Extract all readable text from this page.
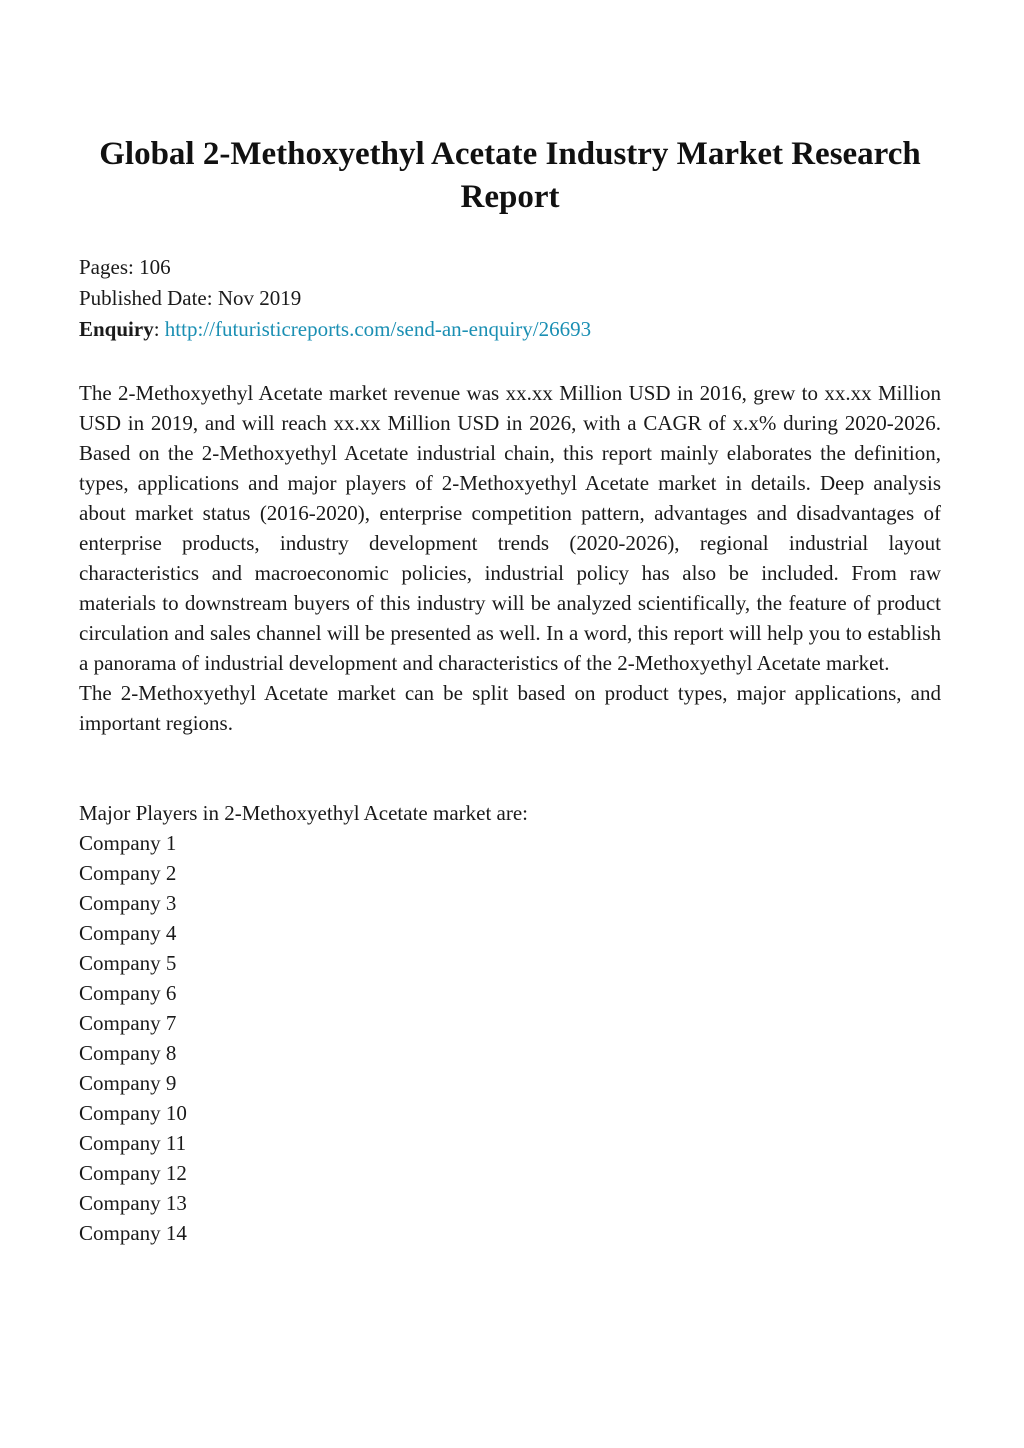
Global 2-Methoxyethyl Acetate Industry Market Research Report
Pages: 106
Published Date: Nov 2019
Enquiry: http://futuristicreports.com/send-an-enquiry/26693

The 2-Methoxyethyl Acetate market revenue was xx.xx Million USD in 2016, grew to xx.xx Million USD in 2019, and will reach xx.xx Million USD in 2026, with a CAGR of x.x% during 2020-2026. Based on the 2-Methoxyethyl Acetate industrial chain, this report mainly elaborates the definition, types, applications and major players of 2-Methoxyethyl Acetate market in details. Deep analysis about market status (2016-2020), enterprise competition pattern, advantages and disadvantages of enterprise products, industry development trends (2020-2026), regional industrial layout characteristics and macroeconomic policies, industrial policy has also be included. From raw materials to downstream buyers of this industry will be analyzed scientifically, the feature of product circulation and sales channel will be presented as well. In a word, this report will help you to establish a panorama of industrial development and characteristics of the 2-Methoxyethyl Acetate market.

The 2-Methoxyethyl Acetate market can be split based on product types, major applications, and important regions.

Major Players in 2-Methoxyethyl Acetate market are:
Company 1
Company 2
Company 3
Company 4
Company 5
Company 6
Company 7
Company 8
Company 9
Company 10
Company 11
Company 12
Company 13
Company 14
